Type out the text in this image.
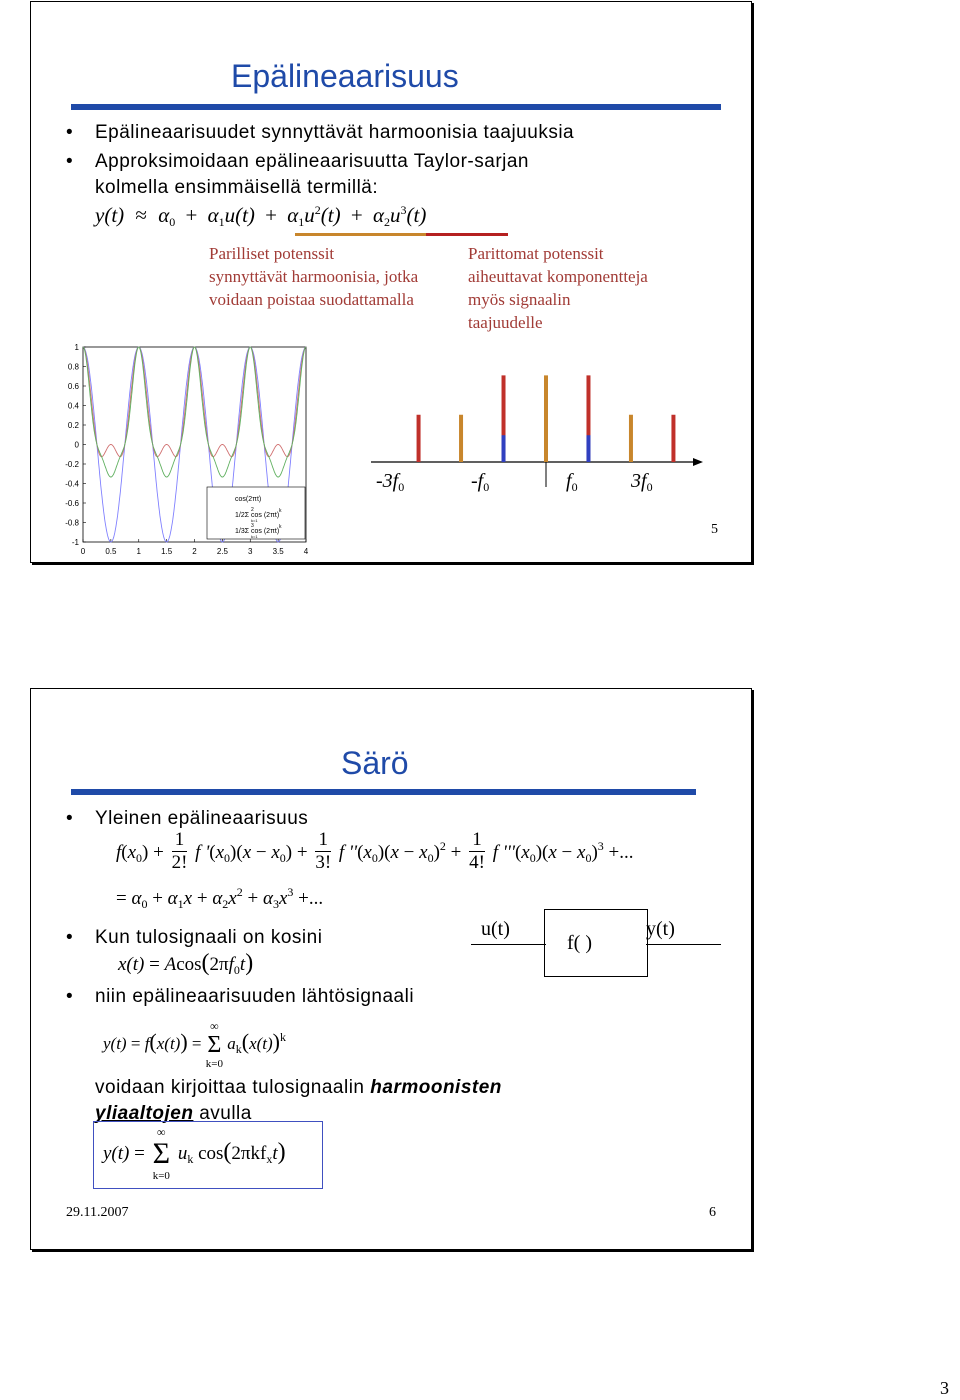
Epälineaarisuus
• Epälineaarisuudet synnyttävät harmoonisia taajuuksia
• Approksimoidaan epälineaarisuutta Taylor-sarjan
kolmella ensimmäisellä termillä:
$y(t) \approx \alpha_0 + \alpha_1u(t) + \alpha_1u^2(t) + \alpha_2u^3(t)$
Parilliset potenssit
synnyttävät harmoonisia, jotka
voidaan poistaa suodattamalla
Parittomat potenssit
aiheuttavat komponentteja
myös signaalin
taajuudelle
0	0.5	1	1.5	2	2.5	3	3.5	4
1
0.8
0.6
0.4
0.2
0
-0.2
-0.4
-0.6
-0.8
-1
cos(2πt)
1/2Σ cos (2πt)
2
k=1
k
1/3Σ cos (2πt)
3
k=1
k
$-3f_0$	$-f_0$	$f_0$	$3f_0$
5
Särö
• Yleinen epälineaarisuus
$f(x_0) + \frac{1}{2!}$ f '$(x_0)(x - x_0) + \frac{1}{3!}$ f ''$(x_0)(x - x_0)^2 + \frac{1}{4!}$ f '''$(x_0)(x - x_0)^3$ +...
= $\alpha_0 + \alpha_1x + \alpha_2x^2 + \alpha_3x^3$ +...
• Kun tulosignaali on kosini
$x(t) = Acos(2\pi f_0t)$
u(t)
f( )
y(t)
• niin epälineaarisuuden lähtösignaali
y(t) = f(x(t)) =
∞
Σ
k=0
$a_k(x(t))^k$
voidaan kirjoittaa tulosignaalin harmoonisten
yliaaltojen avulla
y(t) =
∞
Σ
k=0
$u_k$ cos(2πkf$_x$t)
29.11.2007	6
3
